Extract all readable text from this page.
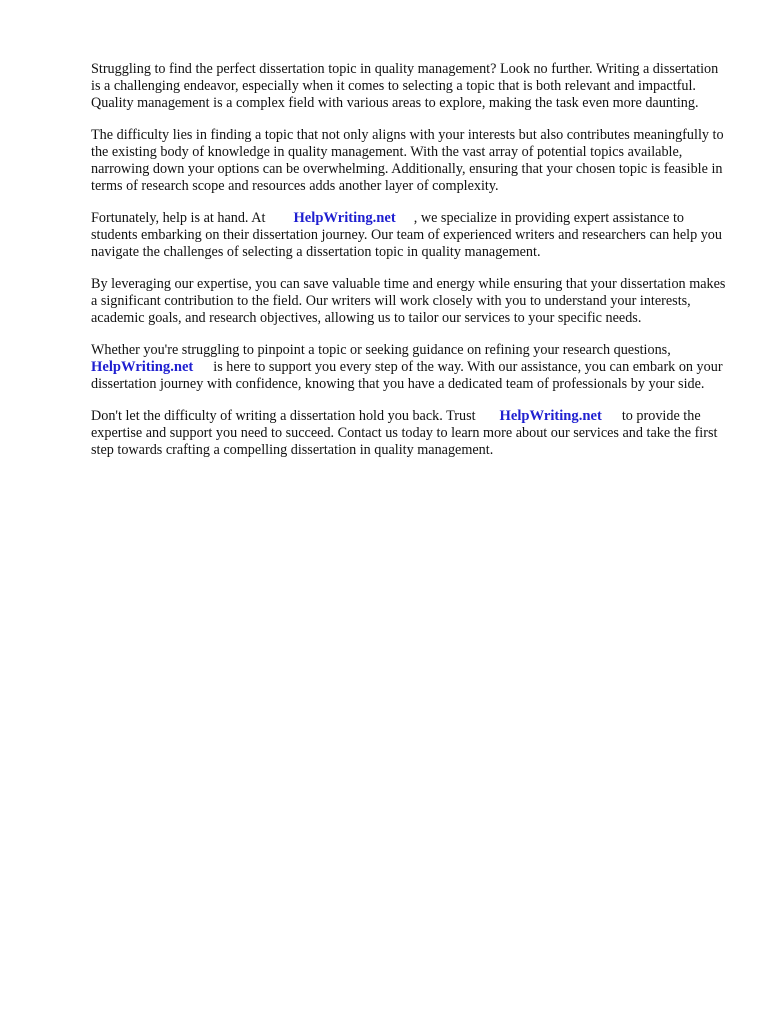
Struggling to find the perfect dissertation topic in quality management? Look no further. Writing a dissertation is a challenging endeavor, especially when it comes to selecting a topic that is both relevant and impactful. Quality management is a complex field with various areas to explore, making the task even more daunting.

The difficulty lies in finding a topic that not only aligns with your interests but also contributes meaningfully to the existing body of knowledge in quality management. With the vast array of potential topics available, narrowing down your options can be overwhelming. Additionally, ensuring that your chosen topic is feasible in terms of research scope and resources adds another layer of complexity.

Fortunately, help is at hand. At HelpWriting.net , we specialize in providing expert assistance to students embarking on their dissertation journey. Our team of experienced writers and researchers can help you navigate the challenges of selecting a dissertation topic in quality management.

By leveraging our expertise, you can save valuable time and energy while ensuring that your dissertation makes a significant contribution to the field. Our writers will work closely with you to understand your interests, academic goals, and research objectives, allowing us to tailor our services to your specific needs.

Whether you're struggling to pinpoint a topic or seeking guidance on refining your research questions,HelpWriting.net is here to support you every step of the way. With our assistance, you can embark on your dissertation journey with confidence, knowing that you have a dedicated team of professionals by your side.

Don't let the difficulty of writing a dissertation hold you back. Trust HelpWriting.net to provide the expertise and support you need to succeed. Contact us today to learn more about our services and take the first step towards crafting a compelling dissertation in quality management.
